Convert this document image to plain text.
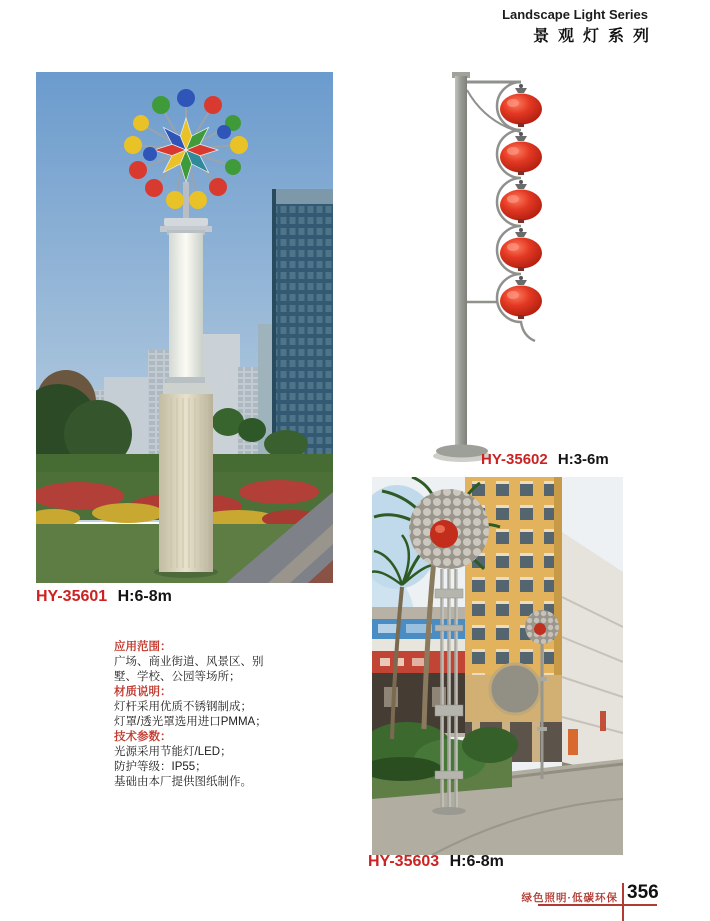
Landscape Light Series
景观灯系列
HY-35601 H:6-8m
应用范围：
广场、商业街道、风景区、别
墅、学校、公园等场所；
材质说明：
灯杆采用优质不锈钢制成；
灯罩/透光罩选用进口PMMA；
技术参数：
光源采用节能灯/LED；
防护等级：IP55；
基础由本厂提供图纸制作。
HY-35602 H:3-6m
HY-35603 H:6-8m
绿色照明·低碳环保 356
